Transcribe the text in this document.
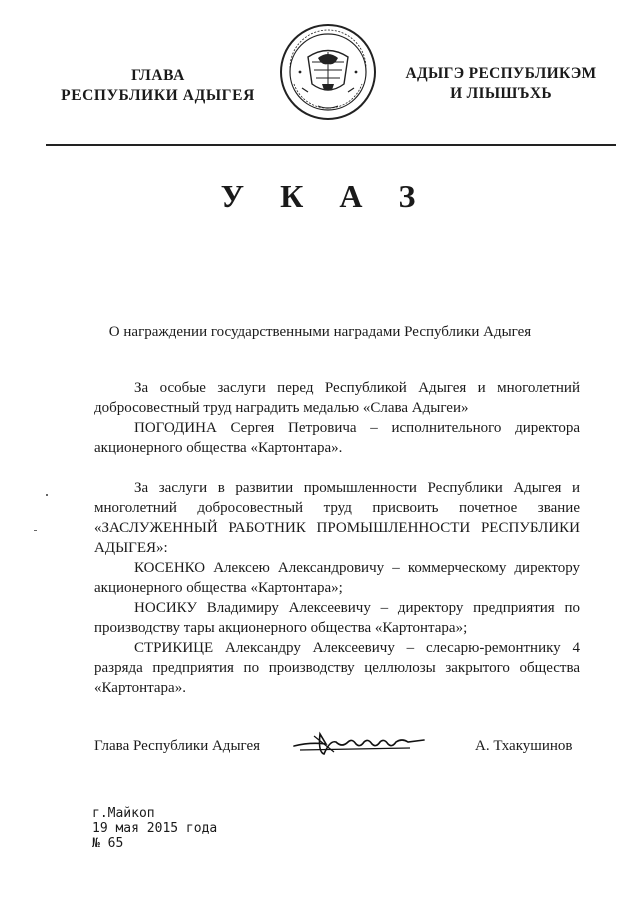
ГЛАВА
РЕСПУБЛИКИ АДЫГЕЯ
АДЫГЭ РЕСПУБЛИКЭМ
И ЛІЫШЪХЬ
У К А З
О награждении государственными наградами Республики Адыгея

За особые заслуги перед Республикой Адыгея и многолетний добросовестный труд наградить медалью «Слава Адыгеи»

ПОГОДИНА Сергея Петровича – исполнительного директора акционерного общества «Картонтара».

За заслуги в развитии промышленности Республики Адыгея и многолетний добросовестный труд присвоить почетное звание «ЗАСЛУЖЕННЫЙ РАБОТНИК ПРОМЫШЛЕННОСТИ РЕСПУБЛИКИ АДЫГЕЯ»:

КОСЕНКО Алексею Александровичу – коммерческому директору акционерного общества «Картонтара»;

НОСИКУ Владимиру Алексеевичу – директору предприятия по производству тары акционерного общества «Картонтара»;

СТРИКИЦЕ Александру Алексеевичу – слесарю-ремонтнику 4 разряда предприятия по производству целлюлозы закрытого общества «Картонтара».

Глава Республики Адыгея	А. Тхакушинов
г.Майкоп
19 мая 2015 года
№ 65
